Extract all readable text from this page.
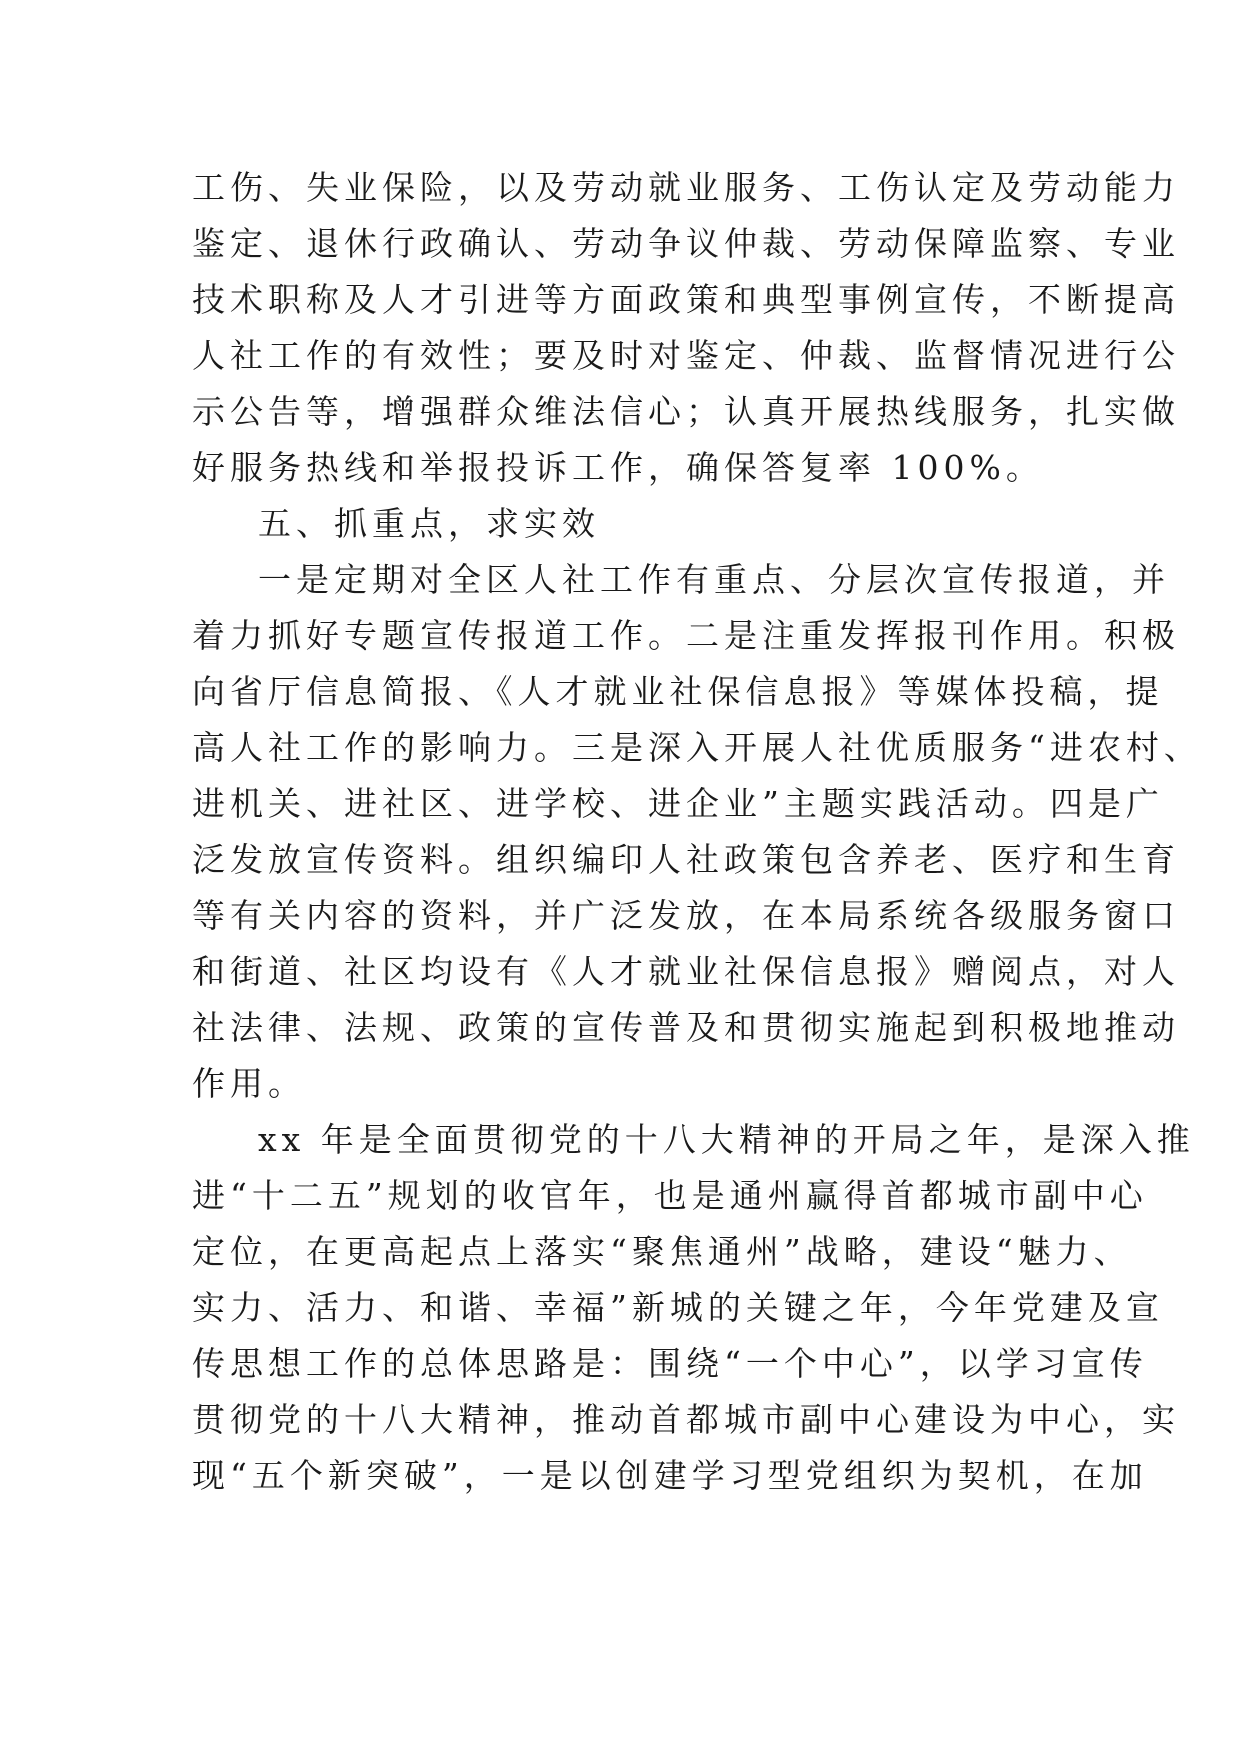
工伤、失业保险，以及劳动就业服务、工伤认定及劳动能力
鉴定、退休行政确认、劳动争议仲裁、劳动保障监察、专业
技术职称及人才引进等方面政策和典型事例宣传，不断提高
人社工作的有效性；要及时对鉴定、仲裁、监督情况进行公
示公告等，增强群众维法信心；认真开展热线服务，扎实做
好服务热线和举报投诉工作，确保答复率 100%。
五、抓重点，求实效
一是定期对全区人社工作有重点、分层次宣传报道，并
着力抓好专题宣传报道工作。二是注重发挥报刊作用。积极
向省厅信息简报、《人才就业社保信息报》等媒体投稿，提
高人社工作的影响力。三是深入开展人社优质服务“进农村、
进机关、进社区、进学校、进企业”主题实践活动。四是广
泛发放宣传资料。组织编印人社政策包含养老、医疗和生育
等有关内容的资料，并广泛发放，在本局系统各级服务窗口
和街道、社区均设有《人才就业社保信息报》赠阅点，对人
社法律、法规、政策的宣传普及和贯彻实施起到积极地推动
作用。
xx 年是全面贯彻党的十八大精神的开局之年，是深入推
进“十二五”规划的收官年，也是通州赢得首都城市副中心
定位，在更高起点上落实“聚焦通州”战略，建设“魅力、
实力、活力、和谐、幸福”新城的关键之年，今年党建及宣
传思想工作的总体思路是：围绕“一个中心”，以学习宣传
贯彻党的十八大精神，推动首都城市副中心建设为中心，实
现“五个新突破”，一是以创建学习型党组织为契机，在加
